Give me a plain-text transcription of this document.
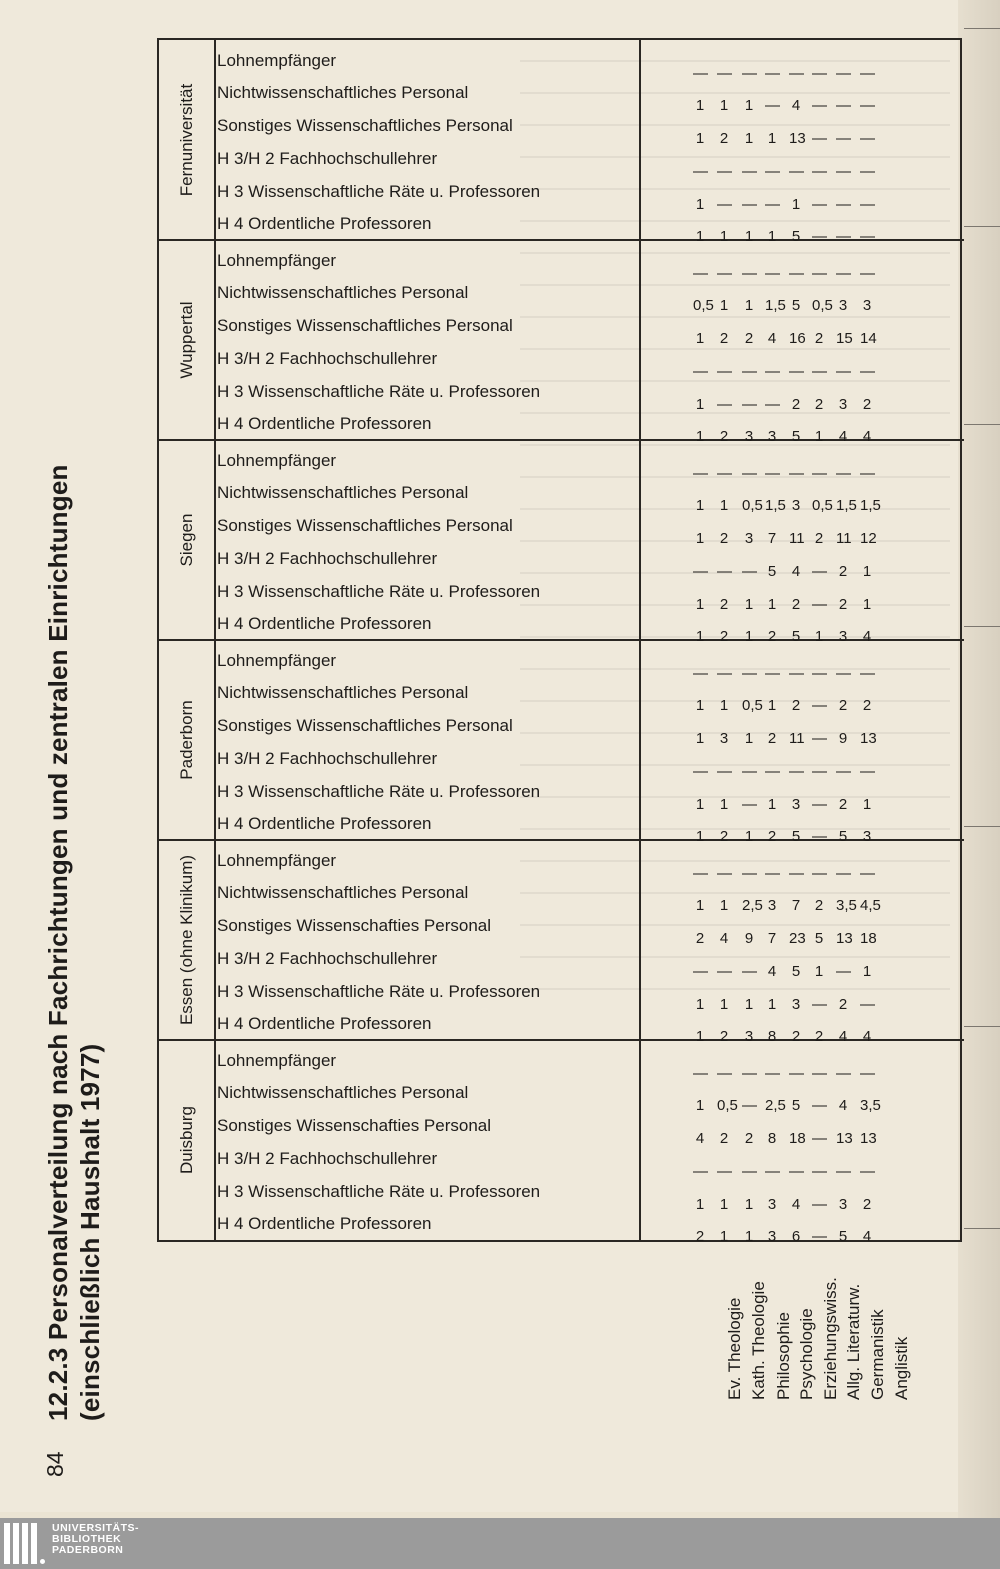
84
12.2.3 Personalverteilung nach Fachrichtungen und zentralen Einrichtungen (einschließlich Haushalt 1977)	Duisburg
H 4 Ordentliche Professoren
H 3 Wissenschaftliche Räte u. Professoren
H 3/H 2 Fachhochschullehrer
Sonstiges Wissenschafties Personal
Nichtwissenschaftliches Personal
Lohnempfänger
2
1
—
4
1
—
1
1
—
2
0,5
—
1
1
—
2
—
—
3
3
—
8
2,5
—
6
4
—
18
5
—
—
—
—
—
—
—
5
3
—
13
4
—
4
2
—
13
3,5
—
Essen (ohne Klinikum)	H 4 Ordentliche Professoren
H 3 Wissenschaftliche Räte u. Professoren
H 3/H 2 Fachhochschullehrer
Sonstiges Wissenschafties Personal
Nichtwissenschaftliches Personal
Lohnempfänger
1
1
—
2
1
—
2
1
—
4
1
—
3
1
—
9
2,5
—
8
1
4
7
3
—
2
3
5
23
7
—
2
—
1
5
2
—
4
2
—
13
3,5
—
4
—
1
18
4,5
—
Paderborn
H 4 Ordentliche Professoren
H 3 Wissenschaftliche Räte u. Professoren
H 3/H 2 Fachhochschullehrer
Sonstiges Wissenschaftliches Personal
Nichtwissenschaftliches Personal
Lohnempfänger
1
1
—
1
1
—
2
1
—
3
1
—
1
—
—
1
0,5
—
2
1
—
2
1
—
5
3
—
11
2
—
—
—
—
—
—
—
5
2
—
9
2
—
3
1
—
13
2
—
Siegen
H 4 Ordentliche Professoren
H 3 Wissenschaftliche Räte u. Professoren
H 3/H 2 Fachhochschullehrer
Sonstiges Wissenschaftliches Personal
Nichtwissenschaftliches Personal
Lohnempfänger
1
1
—
1
1
—
2
2
—
2
1
—
1
1
—
3
0,5
—
2
1
5
7
1,5
—
5
2
4
11
3
—
1
—
—
2
0,5
—
3
2
2
11
1,5
—
4
1
1
12
1,5
—
Wuppertal
H 4 Ordentliche Professoren
H 3 Wissenschaftliche Räte u. Professoren
H 3/H 2 Fachhochschullehrer
Sonstiges Wissenschaftliches Personal
Nichtwissenschaftliches Personal
Lohnempfänger
1
1
—
1
0,5
—
2
—
—
2
1
—
3
—
—
2
1
—
3
—
—
4
1,5
—
5
2
—
16
5
—
1
2
—
2
0,5
—
4
3
—
15
3
—
4
2
—
14
3
—
Fernuniversität
H 4 Ordentliche Professoren
H 3 Wissenschaftliche Räte u. Professoren
H 3/H 2 Fachhochschullehrer
Sonstiges Wissenschaftliches Personal
Nichtwissenschaftliches Personal
Lohnempfänger
1
1
—
1
1
—
1
—
—
2
1
—
1
—
—
1
1
—
1
—
—
1
—
—
5
1
—
13
4
—
—
—
—
—
—
—
—
—
—
—
—
—
—
—
—
—
—
—
Ev. Theologie Kath. Theologie Philosophie Psychologie Erziehungswiss. Allg. Literaturw. Germanistik Anglistik
UNIVERSITÄTS-
BIBLIOTHEK
PADERBORN
